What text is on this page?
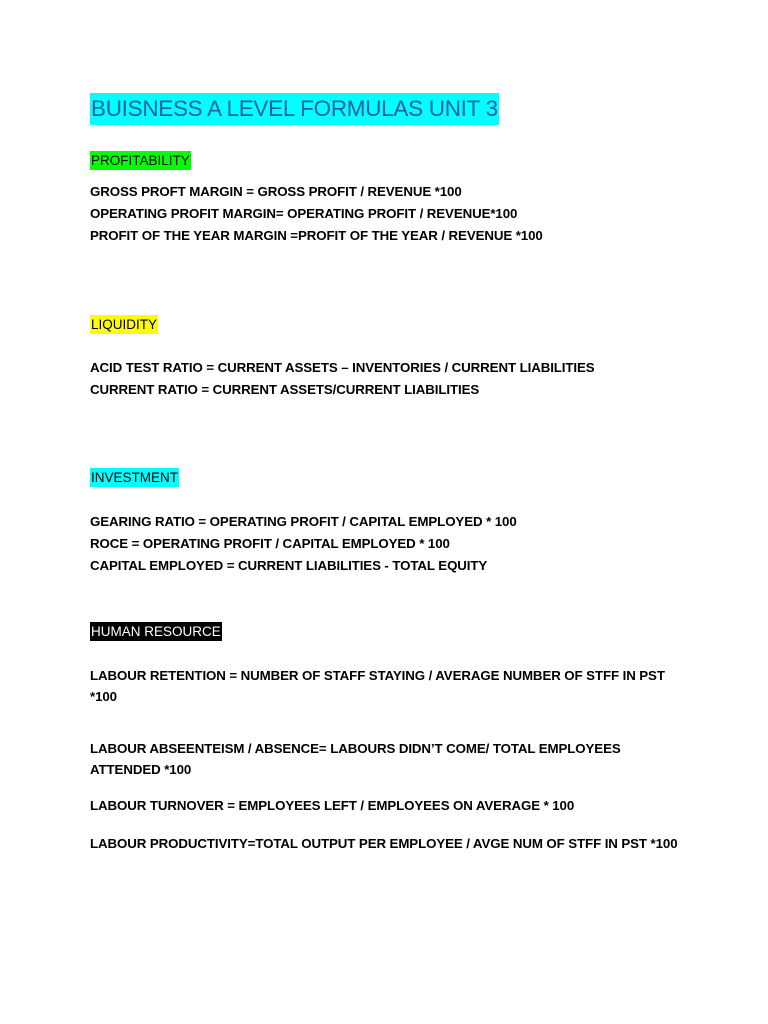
BUISNESS A LEVEL FORMULAS UNIT 3
PROFITABILITY
GROSS PROFT MARGIN = GROSS PROFIT / REVENUE *100
OPERATING PROFIT MARGIN= OPERATING PROFIT / REVENUE*100
PROFIT OF THE YEAR MARGIN =PROFIT OF THE YEAR / REVENUE *100
LIQUIDITY
ACID TEST RATIO = CURRENT ASSETS – INVENTORIES / CURRENT LIABILITIES
CURRENT RATIO = CURRENT ASSETS/CURRENT LIABILITIES
INVESTMENT
GEARING RATIO = OPERATING PROFIT / CAPITAL EMPLOYED * 100
ROCE = OPERATING PROFIT / CAPITAL EMPLOYED * 100
CAPITAL EMPLOYED = CURRENT LIABILITIES - TOTAL EQUITY
HUMAN RESOURCE
LABOUR RETENTION = NUMBER OF STAFF STAYING / AVERAGE NUMBER OF STFF IN PST *100
LABOUR ABSEENTEISM / ABSENCE= LABOURS DIDN’T COME/ TOTAL EMPLOYEES ATTENDED *100
LABOUR TURNOVER = EMPLOYEES LEFT / EMPLOYEES ON AVERAGE * 100
LABOUR PRODUCTIVITY=TOTAL OUTPUT PER EMPLOYEE / AVGE NUM OF STFF IN PST *100
